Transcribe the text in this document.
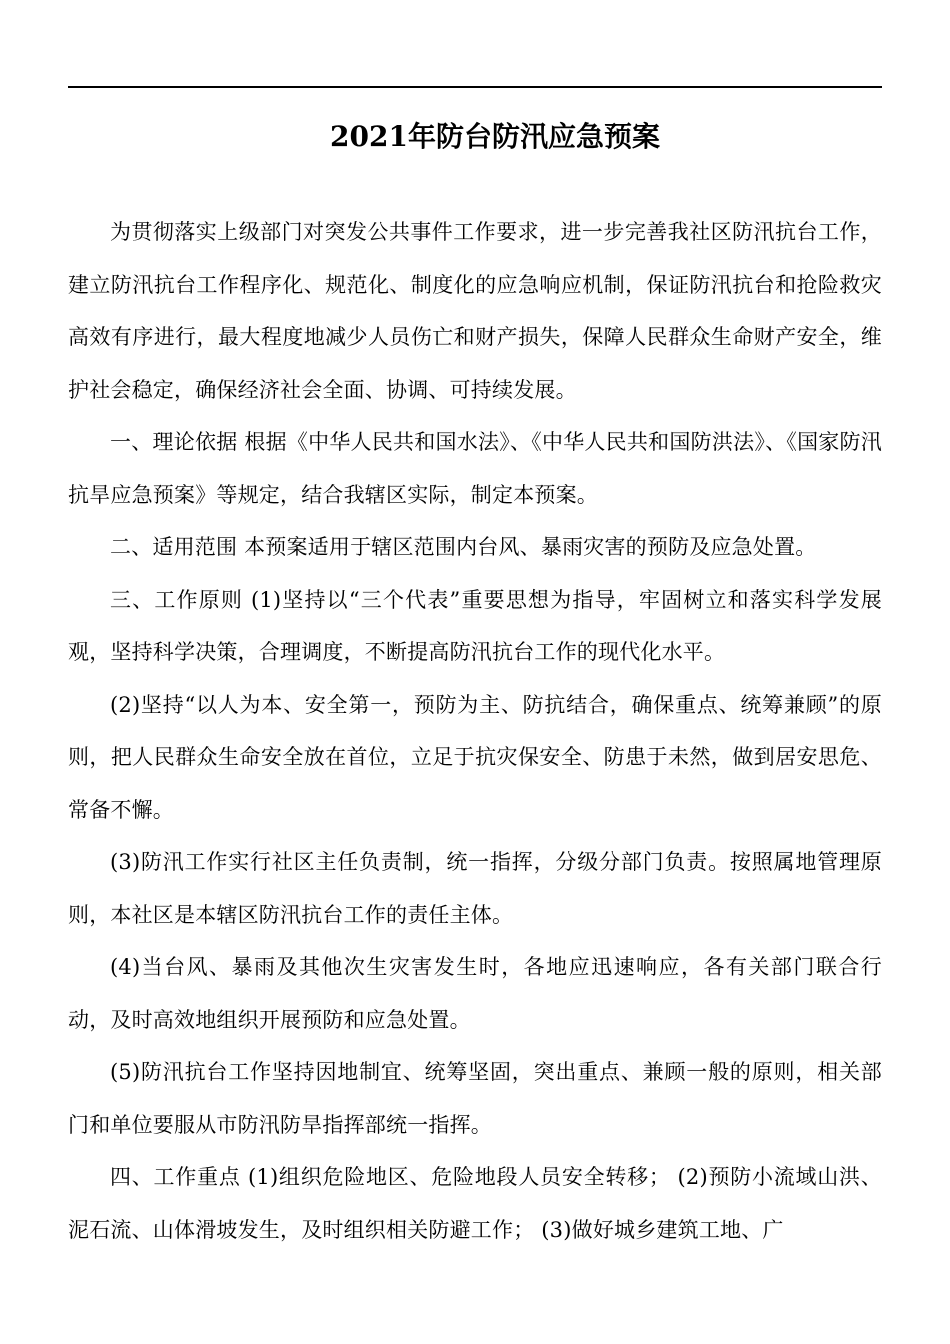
2021年防台防汛应急预案

为贯彻落实上级部门对突发公共事件工作要求，进一步完善我社区防汛抗台工作，建立防汛抗台工作程序化、规范化、制度化的应急响应机制，保证防汛抗台和抢险救灾高效有序进行，最大程度地减少人员伤亡和财产损失，保障人民群众生命财产安全，维护社会稳定，确保经济社会全面、协调、可持续发展。

一、理论依据 根据《中华人民共和国水法》、《中华人民共和国防洪法》、《国家防汛抗旱应急预案》等规定，结合我辖区实际，制定本预案。

二、适用范围 本预案适用于辖区范围内台风、暴雨灾害的预防及应急处置。

三、工作原则 (1)坚持以“三个代表”重要思想为指导，牢固树立和落实科学发展观，坚持科学决策，合理调度，不断提高防汛抗台工作的现代化水平。

(2)坚持“以人为本、安全第一，预防为主、防抗结合，确保重点、统筹兼顾”的原则，把人民群众生命安全放在首位，立足于抗灾保安全、防患于未然，做到居安思危、常备不懈。

(3)防汛工作实行社区主任负责制，统一指挥，分级分部门负责。按照属地管理原则，本社区是本辖区防汛抗台工作的责任主体。

(4)当台风、暴雨及其他次生灾害发生时，各地应迅速响应，各有关部门联合行动，及时高效地组织开展预防和应急处置。

(5)防汛抗台工作坚持因地制宜、统筹坚固，突出重点、兼顾一般的原则，相关部门和单位要服从市防汛防旱指挥部统一指挥。

四、工作重点 (1)组织危险地区、危险地段人员安全转移； (2)预防小流域山洪、泥石流、山体滑坡发生，及时组织相关防避工作； (3)做好城乡建筑工地、广
